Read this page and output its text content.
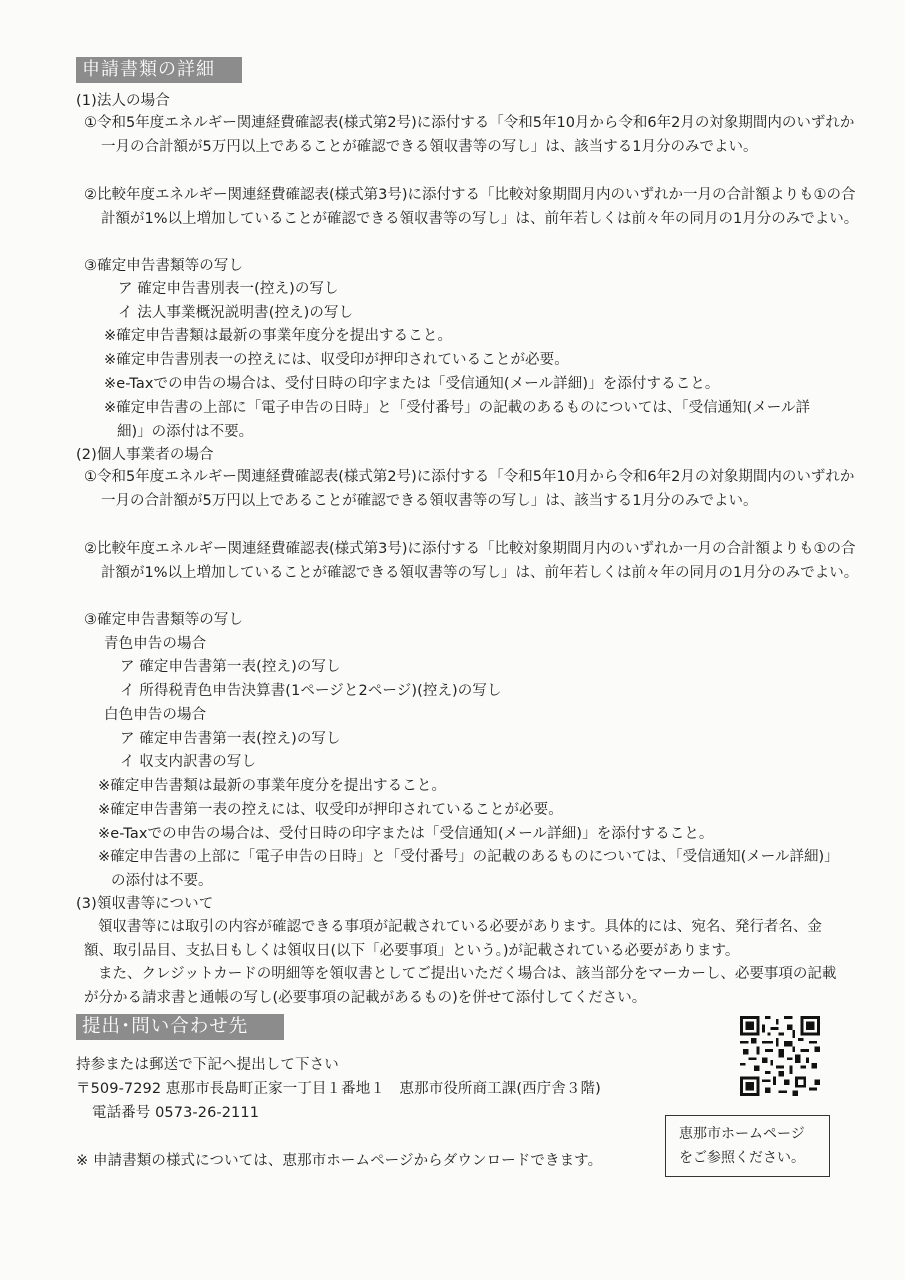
申請書類の詳細
(1)法人の場合
①令和5年度エネルギー関連経費確認表(様式第2号)に添付する「令和5年10月から令和6年2月の対象期間内のいずれか一月の合計額が5万円以上であることが確認できる領収書等の写し」は、該当する1月分のみでよい。
②比較年度エネルギー関連経費確認表(様式第3号)に添付する「比較対象期間月内のいずれか一月の合計額よりも①の合計額が1%以上増加していることが確認できる領収書等の写し」は、前年若しくは前々年の同月の1月分のみでよい。
③確定申告書類等の写し
ア 確定申告書別表一(控え)の写し
イ 法人事業概況説明書(控え)の写し
※確定申告書類は最新の事業年度分を提出すること。
※確定申告書別表一の控えには、収受印が押印されていることが必要。
※e-Taxでの申告の場合は、受付日時の印字または「受信通知(メール詳細)」を添付すること。
※確定申告書の上部に「電子申告の日時」と「受付番号」の記載のあるものについては、「受信通知(メール詳細)」の添付は不要。
(2)個人事業者の場合
①令和5年度エネルギー関連経費確認表(様式第2号)に添付する「令和5年10月から令和6年2月の対象期間内のいずれか一月の合計額が5万円以上であることが確認できる領収書等の写し」は、該当する1月分のみでよい。
②比較年度エネルギー関連経費確認表(様式第3号)に添付する「比較対象期間月内のいずれか一月の合計額よりも①の合計額が1%以上増加していることが確認できる領収書等の写し」は、前年若しくは前々年の同月の1月分のみでよい。
③確定申告書類等の写し
青色申告の場合
ア 確定申告書第一表(控え)の写し
イ 所得税青色申告決算書(1ページと2ページ)(控え)の写し
白色申告の場合
ア 確定申告書第一表(控え)の写し
イ 収支内訳書の写し
※確定申告書類は最新の事業年度分を提出すること。
※確定申告書第一表の控えには、収受印が押印されていることが必要。
※e-Taxでの申告の場合は、受付日時の印字または「受信通知(メール詳細)」を添付すること。
※確定申告書の上部に「電子申告の日時」と「受付番号」の記載のあるものについては、「受信通知(メール詳細)」の添付は不要。
(3)領収書等について
領収書等には取引の内容が確認できる事項が記載されている必要があります。具体的には、宛名、発行者名、金額、取引品目、支払日もしくは領収日(以下「必要事項」という。)が記載されている必要があります。
また、クレジットカードの明細等を領収書としてご提出いただく場合は、該当部分をマーカーし、必要事項の記載が分かる請求書と通帳の写し(必要事項の記載があるもの)を併せて添付してください。
提出･問い合わせ先
持参または郵送で下記へ提出して下さい
〒509-7292 恵那市長島町正家一丁目１番地１　恵那市役所商工課(西庁舎３階)
電話番号 0573-26-2111
※ 申請書類の様式については、恵那市ホームページからダウンロードできます。
恵那市ホームページ
をご参照ください。
